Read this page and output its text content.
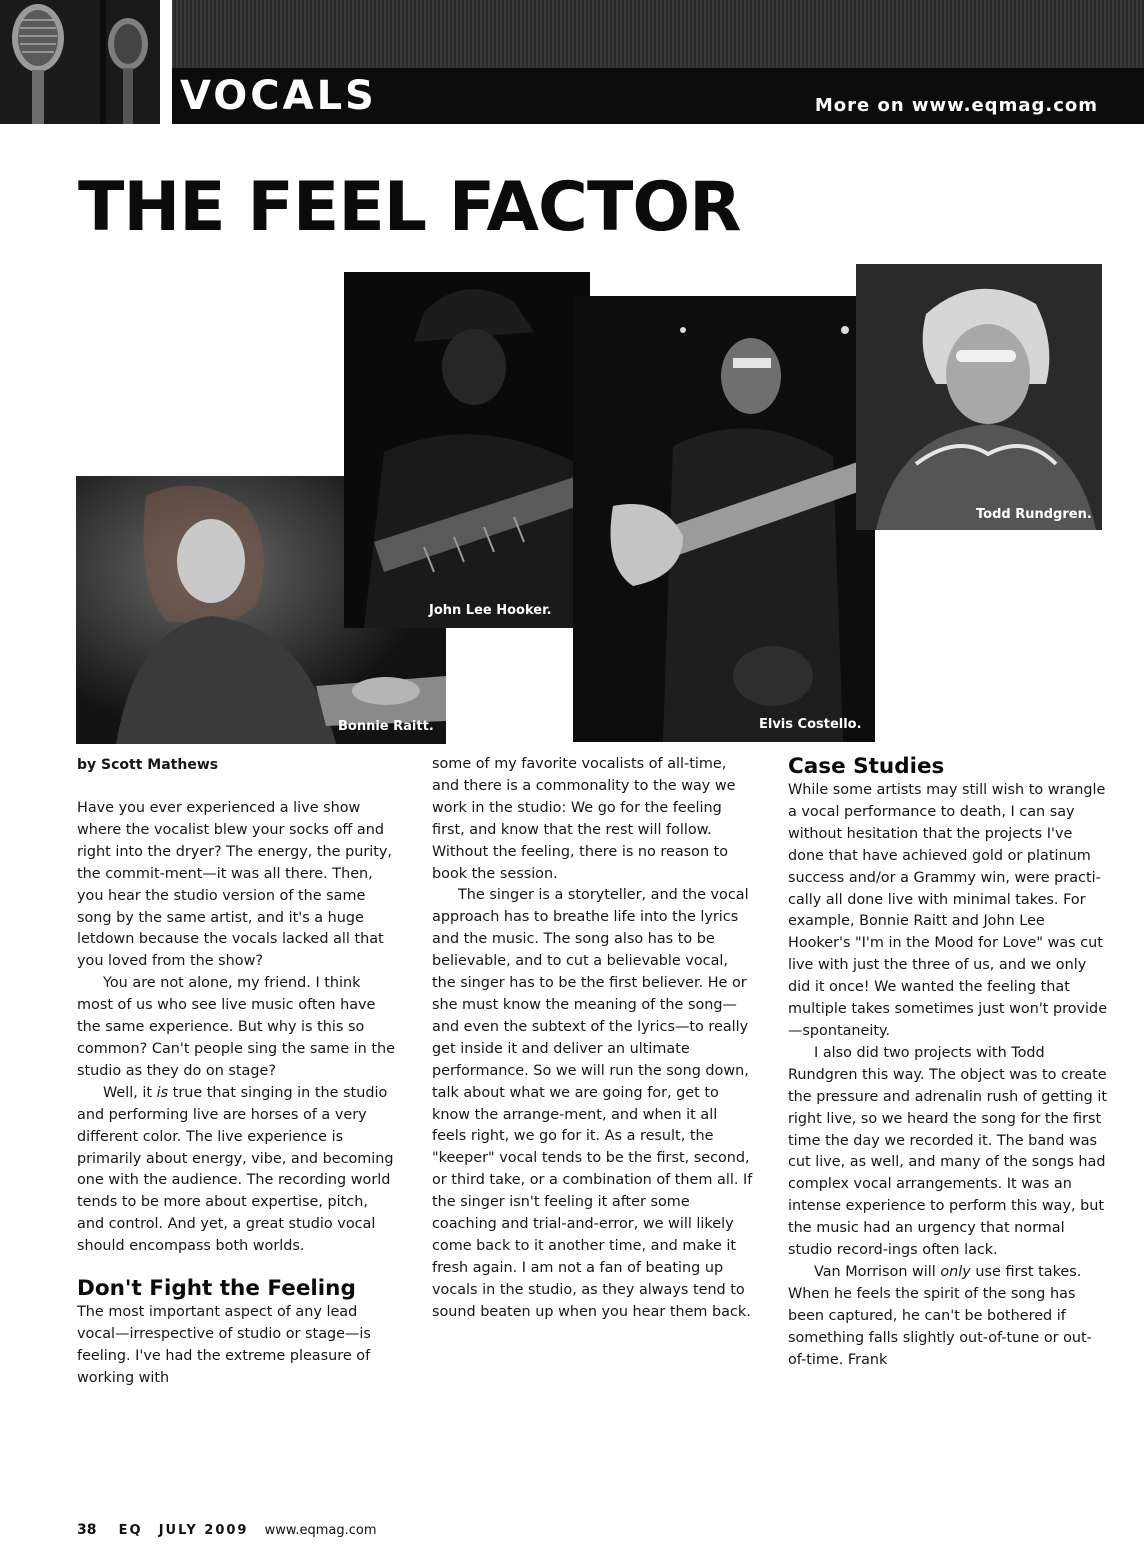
VOCALS	More on www.eqmag.com
THE FEEL FACTOR
Bonnie Raitt.
John Lee Hooker.
Elvis Costello.
Todd Rundgren.
by Scott Mathews

Have you ever experienced a live show where the vocalist blew your socks off and right into the dryer? The energy, the purity, the commit-ment—it was all there. Then, you hear the studio version of the same song by the same artist, and it's a huge letdown because the vocals lacked all that you loved from the show?

You are not alone, my friend. I think most of us who see live music often have the same experience. But why is this so common? Can't people sing the same in the studio as they do on stage?

Well, it is true that singing in the studio and performing live are horses of a very different color. The live experience is primarily about energy, vibe, and becoming one with the audience. The recording world tends to be more about expertise, pitch, and control. And yet, a great studio vocal should encompass both worlds.

Don't Fight the Feeling

The most important aspect of any lead vocal—irrespective of studio or stage—is feeling. I've had the extreme pleasure of working with

some of my favorite vocalists of all-time, and there is a commonality to the way we work in the studio: We go for the feeling first, and know that the rest will follow. Without the feeling, there is no reason to book the session.

The singer is a storyteller, and the vocal approach has to breathe life into the lyrics and the music. The song also has to be believable, and to cut a believable vocal, the singer has to be the first believer. He or she must know the meaning of the song—and even the subtext of the lyrics—to really get inside it and deliver an ultimate performance. So we will run the song down, talk about what we are going for, get to know the arrange-ment, and when it all feels right, we go for it. As a result, the "keeper" vocal tends to be the first, second, or third take, or a combination of them all. If the singer isn't feeling it after some coaching and trial-and-error, we will likely come back to it another time, and make it fresh again. I am not a fan of beating up vocals in the studio, as they always tend to sound beaten up when you hear them back.

Case Studies

While some artists may still wish to wrangle a vocal performance to death, I can say without hesitation that the projects I've done that have achieved gold or platinum success and/or a Grammy win, were practi-cally all done live with minimal takes. For example, Bonnie Raitt and John Lee Hooker's "I'm in the Mood for Love" was cut live with just the three of us, and we only did it once! We wanted the feeling that multiple takes sometimes just won't provide—spontaneity.

I also did two projects with Todd Rundgren this way. The object was to create the pressure and adrenalin rush of getting it right live, so we heard the song for the first time the day we recorded it. The band was cut live, as well, and many of the songs had complex vocal arrangements. It was an intense experience to perform this way, but the music had an urgency that normal studio record-ings often lack.

Van Morrison will only use first takes. When he feels the spirit of the song has been captured, he can't be bothered if something falls slightly out-of-tune or out-of-time. Frank

38 EQ JULY 2009 www.eqmag.com
